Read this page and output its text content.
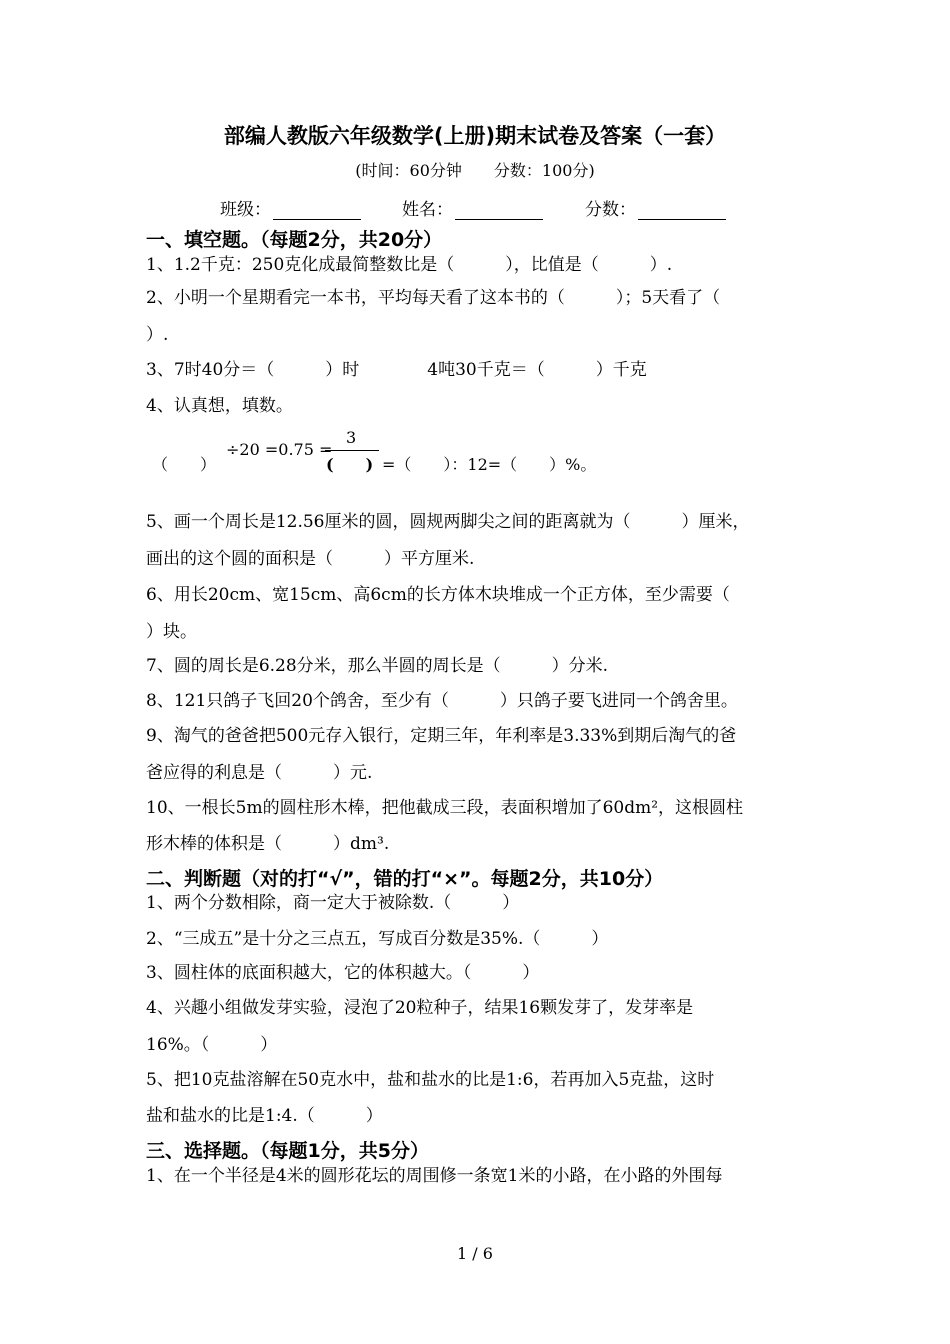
部编人教版六年级数学(上册)期末试卷及答案（一套）
(时间：60分钟　　分数：100分)
班级：	姓名：	分数：
一、填空题。（每题2分，共20分）
1、1.2千克：250克化成最简整数比是（　　　），比值是（　　　）.
2、小明一个星期看完一本书，平均每天看了这本书的（　　　）；5天看了（
）.
3、7时40分＝（　　　）时　　　　4吨30千克＝（　　　）千克
4、认真想，填数。
（　　）
÷20 =0.75 =
3
(　　) =（　　）：12=（　　）%。
5、画一个周长是12.56厘米的圆，圆规两脚尖之间的距离就为（　　　）厘米，
画出的这个圆的面积是（　　　）平方厘米.
6、用长20cm、宽15cm、高6cm的长方体木块堆成一个正方体，至少需要（
）块。
7、圆的周长是6.28分米，那么半圆的周长是（　　　）分米.
8、121只鸽子飞回20个鸽舍，至少有（　　　）只鸽子要飞进同一个鸽舍里。
9、淘气的爸爸把500元存入银行，定期三年，年利率是3.33%到期后淘气的爸
爸应得的利息是（　　　）元.
10、一根长5m的圆柱形木棒，把他截成三段，表面积增加了60dm²，这根圆柱
形木棒的体积是（　　　）dm³.
二、判断题（对的打“√”，错的打“×”。每题2分，共10分）
1、两个分数相除，商一定大于被除数.（　　　）
2、“三成五”是十分之三点五，写成百分数是35%.（　　　）
3、圆柱体的底面积越大，它的体积越大。（　　　）
4、兴趣小组做发芽实验，浸泡了20粒种子，结果16颗发芽了，发芽率是
16%。（　　　）
5、把10克盐溶解在50克水中，盐和盐水的比是1:6，若再加入5克盐，这时
盐和盐水的比是1:4.（　　　）
三、选择题。（每题1分，共5分）
1、在一个半径是4米的圆形花坛的周围修一条宽1米的小路，在小路的外围每
1 / 6
